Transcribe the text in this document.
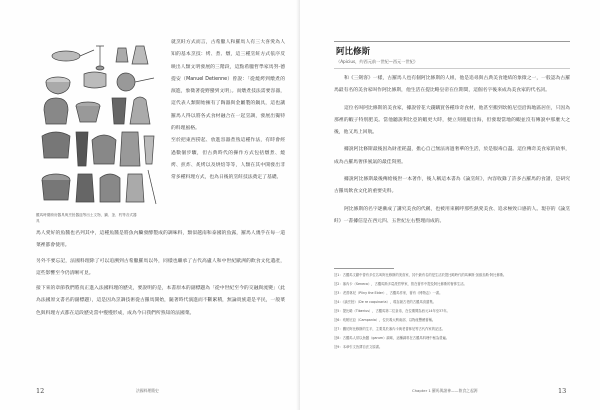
羅馬時期廚房器具與烹飪器皿等出土文物，鍋、釜、杓等各式器具

就烹飪方式而言，古希臘人和羅馬人有三大喜愛為人知的基本烹技：烤、煮、燉，這三種烹飪方式依序反映出人類文明發展的三階段，這點希臘哲學家馬努·德提安（Manuel Detienne）曾說：「從燒烤到燉煮的演進，象徵著從野蠻到文明」。而燉煮技法需要容器，這代表人類開始擁有了陶器與金屬製的鍋具，這也讓羅馬人得以將各式食材融合在一起烹調，發展出獨特的料理風格。

至於把東西撈起、放進容器煮熟這種作法，有時會經過數個步驟，但古典時代的操作方式包括燉煮、燒烤、煎炸、炙烤以及烘焙等等，人類在其中開發出非常多種料理方式，也為日後的烹飪技法奠定了基礎。

馬人愛好的魚醬也名列其中，這種魚醬是將魚內臟發酵製成的調味料，類似越南和泰國的魚露，羅馬人幾乎在每一道菜裡都會使用。

另外不要忘記，法國料理除了可以追溯到古希臘羅馬以外，同樣也繼承了古代高盧人和中世紀歐洲的飲食文化遺產，這些影響至今仍清晰可見。

接下來的章節我們將真正進入法國料理的歷史，要說明的是，本書原本的副標題為「從中世紀至今的交融與流變」（此為法國原文書名的副標題），這是因為烹調技術從古羅馬開始，隨著時代演進而不斷累積，無論貴族還是平民，一般菜色與料理方式都在這段歷史當中慢慢形成，成為今日我們所熟知的法國菜。

12	法國料理簡史
阿比修斯
（Apicius，約西元前一世紀—西元一世紀）

和《三劍客》一樣，古羅馬人也有個阿比修斯的人組，他是追尋與古典美食連結的象徵之一，一般認為古羅馬最有名的美食家叫作阿比修斯，他生活在提比略皇帝在位期間，這個名字後來成為美食家的代名詞。

這位名叫阿比修斯的美食家，據說曾花大錢購買各種珍奇食材，他甚至搬到坎帕尼亞沿海地區居住，只因為那裡的蝦子特別肥美。當他聽說利比亞的蝦更大時，便立刻租船出海，但發現當地的蝦並沒有傳說中那麼大之後，他又馬上回航。

據說阿比修斯最後因為財產耗盡，擔心自己無法再過奢華的生活，於是服毒自盡。這位傳奇美食家的故事，成為古羅馬奢侈風氣的最佳寫照。

據說阿比修斯最後傳給後世一本著作，後人稱這本書為《論烹飪》，內容收錄了許多古羅馬的食譜，是研究古羅馬飲食文化的重要史料。

阿比修斯的名字逐漸成了講究美食的代稱，也被用來稱呼那些熱愛美食、追求極致口感的人。現存的《論烹飪》一書據信是在西元四、五世紀左右整理而成的。

註1：古羅馬文獻中曾有多位名叫阿比修斯的美食家，其中最有名的是生活於提比略時代的馬庫斯·加維烏斯·阿比修斯。
註2：塞內卡（Seneca），古羅馬斯多葛派哲學家，曾在著作中提及阿比修斯的奢侈生活。
註3：老普林尼（Pliny the Elder），古羅馬作家，著有《博物志》一書。
註4：《論烹飪》（De re coquinaria），現存最古老的古羅馬食譜集。
註5：提比略（Tiberius），古羅馬第二位皇帝，在位期間為西元14年至37年。
註6：坎帕尼亞（Campania），位於義大利南部，以物產豐饒著稱。
註7：關於阿比修斯的生平，主要見於塞內卡與老普林尼等古代作家的記述。
註8：古羅馬人常以魚醬（garum）調味，這種調料在古羅馬料理中極為普遍。
註9：本章引文皆譯自法文原書。
Chapter 1 羅馬與諸神——飲食之起源	13
